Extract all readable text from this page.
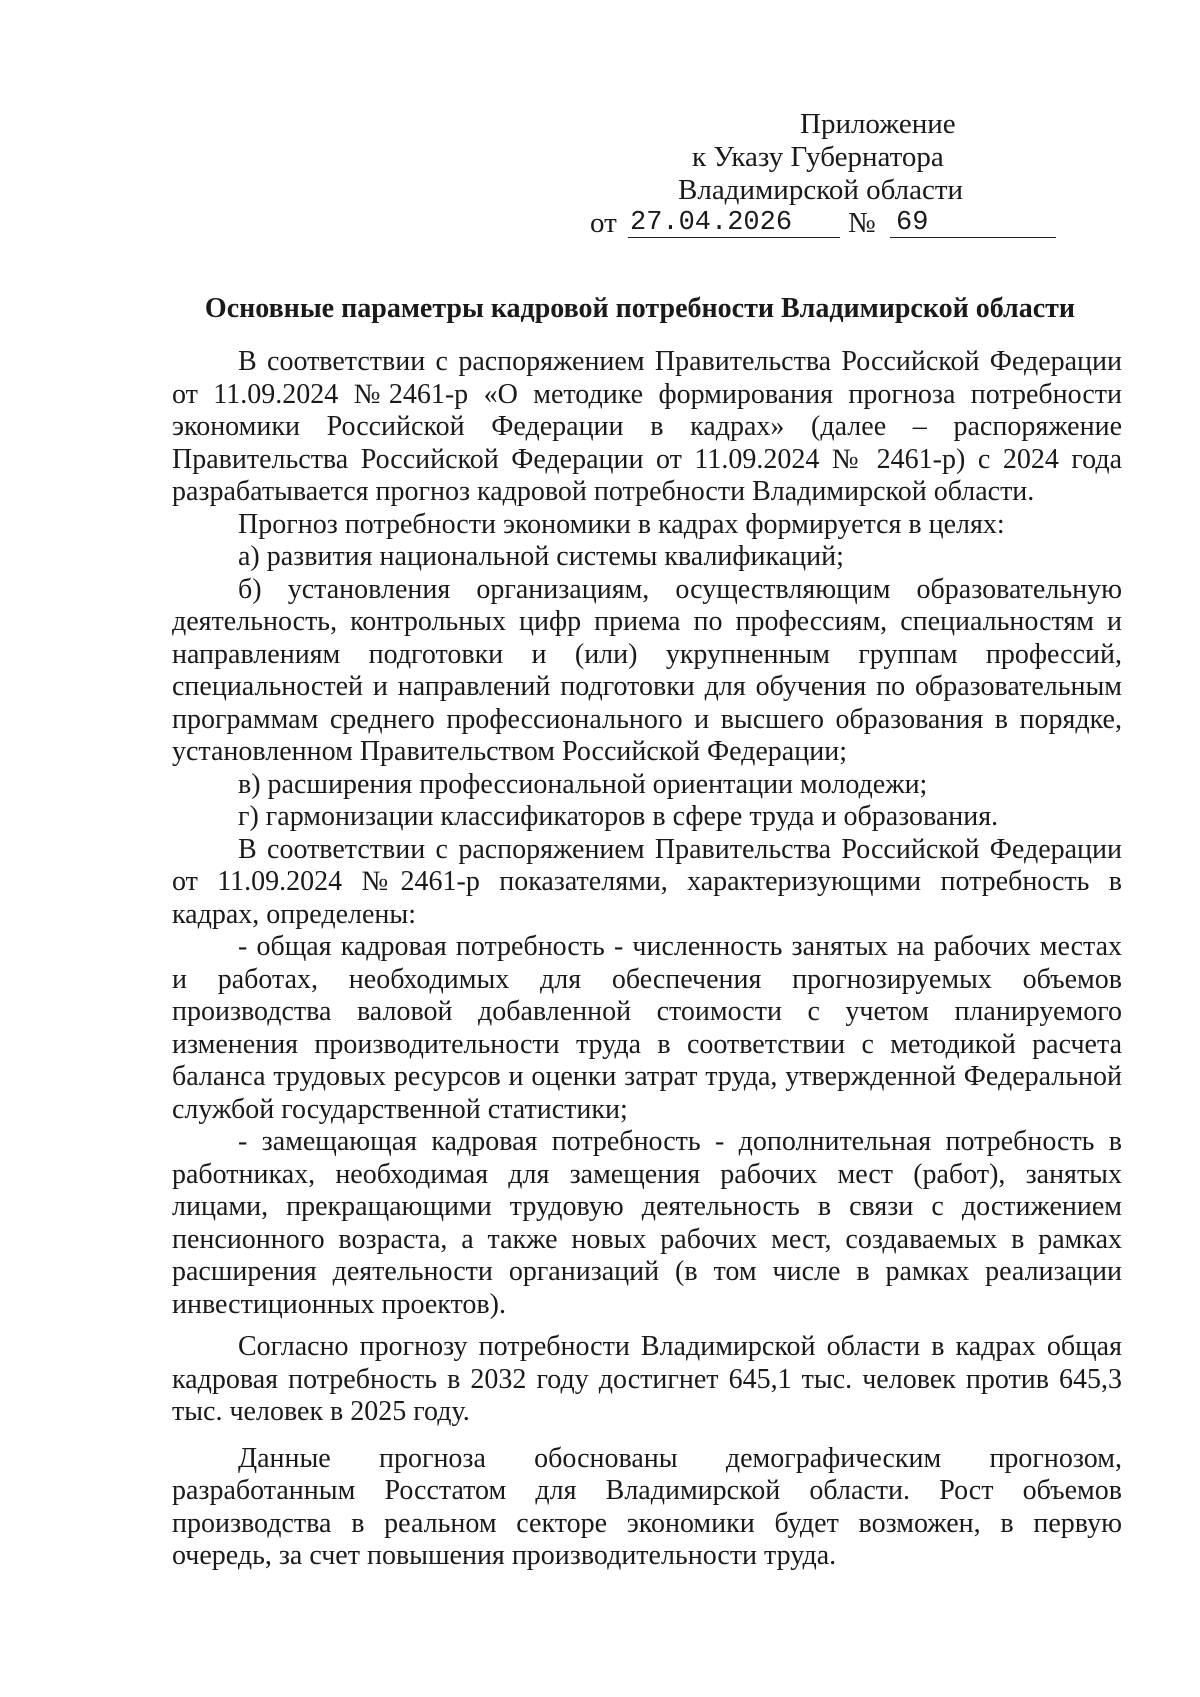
Приложение
к Указу Губернатора
Владимирской области
от 27.04.2026	№ 69
Основные параметры кадровой потребности Владимирской области

В соответствии с распоряжением Правительства Российской Федерации от 11.09.2024 №2461-р «О методике формирования прогноза потребности экономики Российской Федерации в кадрах» (далее – распоряжение Правительства Российской Федерации от 11.09.2024 № 2461-р) с 2024 года разрабатывается прогноз кадровой потребности Владимирской области.

Прогноз потребности экономики в кадрах формируется в целях:

а) развития национальной системы квалификаций;

б) установления организациям, осуществляющим образовательную деятельность, контрольных цифр приема по профессиям, специальностям и направлениям подготовки и (или) укрупненным группам профессий, специальностей и направлений подготовки для обучения по образовательным программам среднего профессионального и высшего образования в порядке, установленном Правительством Российской Федерации;

в) расширения профессиональной ориентации молодежи;

г) гармонизации классификаторов в сфере труда и образования.

В соответствии с распоряжением Правительства Российской Федерации от 11.09.2024 №2461-р показателями, характеризующими потребность в кадрах, определены:

- общая кадровая потребность - численность занятых на рабочих местах и работах, необходимых для обеспечения прогнозируемых объемов производства валовой добавленной стоимости с учетом планируемого изменения производительности труда в соответствии с методикой расчета баланса трудовых ресурсов и оценки затрат труда, утвержденной Федеральной службой государственной статистики;

- замещающая кадровая потребность - дополнительная потребность в работниках, необходимая для замещения рабочих мест (работ), занятых лицами, прекращающими трудовую деятельность в связи с достижением пенсионного возраста, а также новых рабочих мест, создаваемых в рамках расширения деятельности организаций (в том числе в рамках реализации инвестиционных проектов).

Согласно прогнозу потребности Владимирской области в кадрах общая кадровая потребность в 2032 году достигнет 645,1 тыс. человек против 645,3 тыс. человек в 2025 году.

Данные прогноза обоснованы демографическим прогнозом, разработанным Росстатом для Владимирской области. Рост объемов производства в реальном секторе экономики будет возможен, в первую очередь, за счет повышения производительности труда.
